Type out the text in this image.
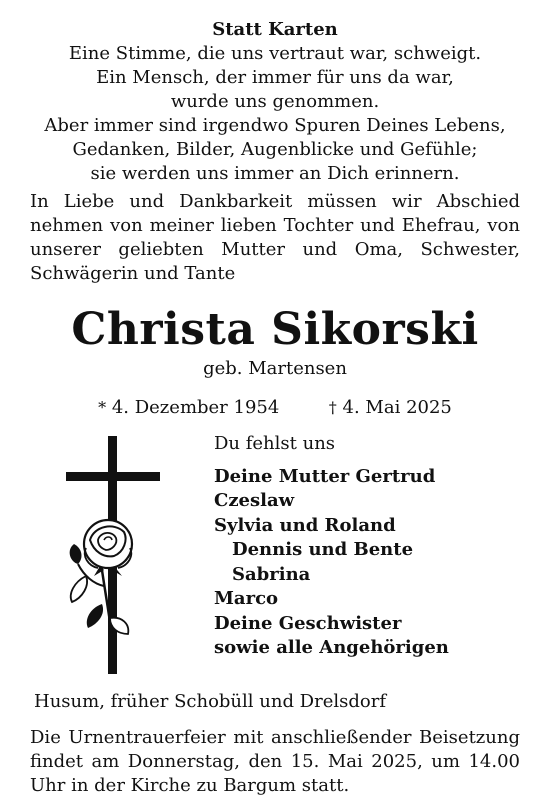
Statt Karten
Eine Stimme, die uns vertraut war, schweigt.
Ein Mensch, der immer für uns da war,
wurde uns genommen.
Aber immer sind irgendwo Spuren Deines Lebens,
Gedanken, Bilder, Augenblicke und Gefühle;
sie werden uns immer an Dich erinnern.
In Liebe und Dankbarkeit müssen wir Abschied nehmen von meiner lieben Tochter und Ehefrau, von unserer geliebten Mutter und Oma, Schwester, Schwägerin und Tante
Christa Sikorski
geb. Martensen
* 4. Dezember 1954	† 4. Mai 2025
Du fehlst uns
Deine Mutter Gertrud
Czeslaw
Sylvia und Roland
Dennis und Bente
Sabrina
Marco
Deine Geschwister
sowie alle Angehörigen
Husum, früher Schobüll und Drelsdorf
Die Urnentrauerfeier mit anschließender Beisetzung findet am Donnerstag, den 15. Mai 2025, um 14.00 Uhr in der Kirche zu Bargum statt.
